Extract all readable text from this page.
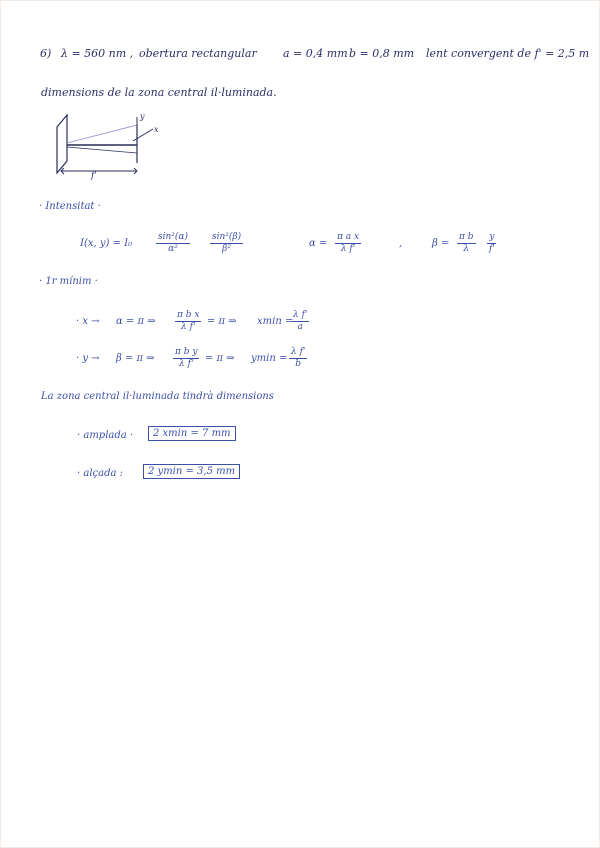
6) λ = 560 nm , obertura rectangular a = 0,4 mm b = 0,8 mm lent convergent de f' = 2,5 m
dimensions de la zona central il·luminada.
y
x
f'
· Intensitat ·
I(x, y) = I₀	$\frac{\text{sin²(α)}}{\text{α²}} \frac{\text{sin²(β)}}{\text{β²}}$	$\alpha = \frac{\text{π a x}}{\text{λ f'}}$	,	$\beta = \frac{\text{π b}}{\lambda} \frac{y}{f'}$
· 1r mínim ·
· x → α = π ⇒ $\frac{\text{π b x}}{\text{λ f'}} = \pi$ ⇒ xmin =
$\frac{\text{λ f'}}{a}$
· y → β = π ⇒ $\frac{\text{π b y}}{\text{λ f'}} = \pi$ ⇒ $ymin = \frac{\text{λ f'}}{b}$
La zona central il·luminada tindrà dimensions
· amplada ·	2 xmin = 7 mm
· alçada :	2 ymin = 3,5 mm
